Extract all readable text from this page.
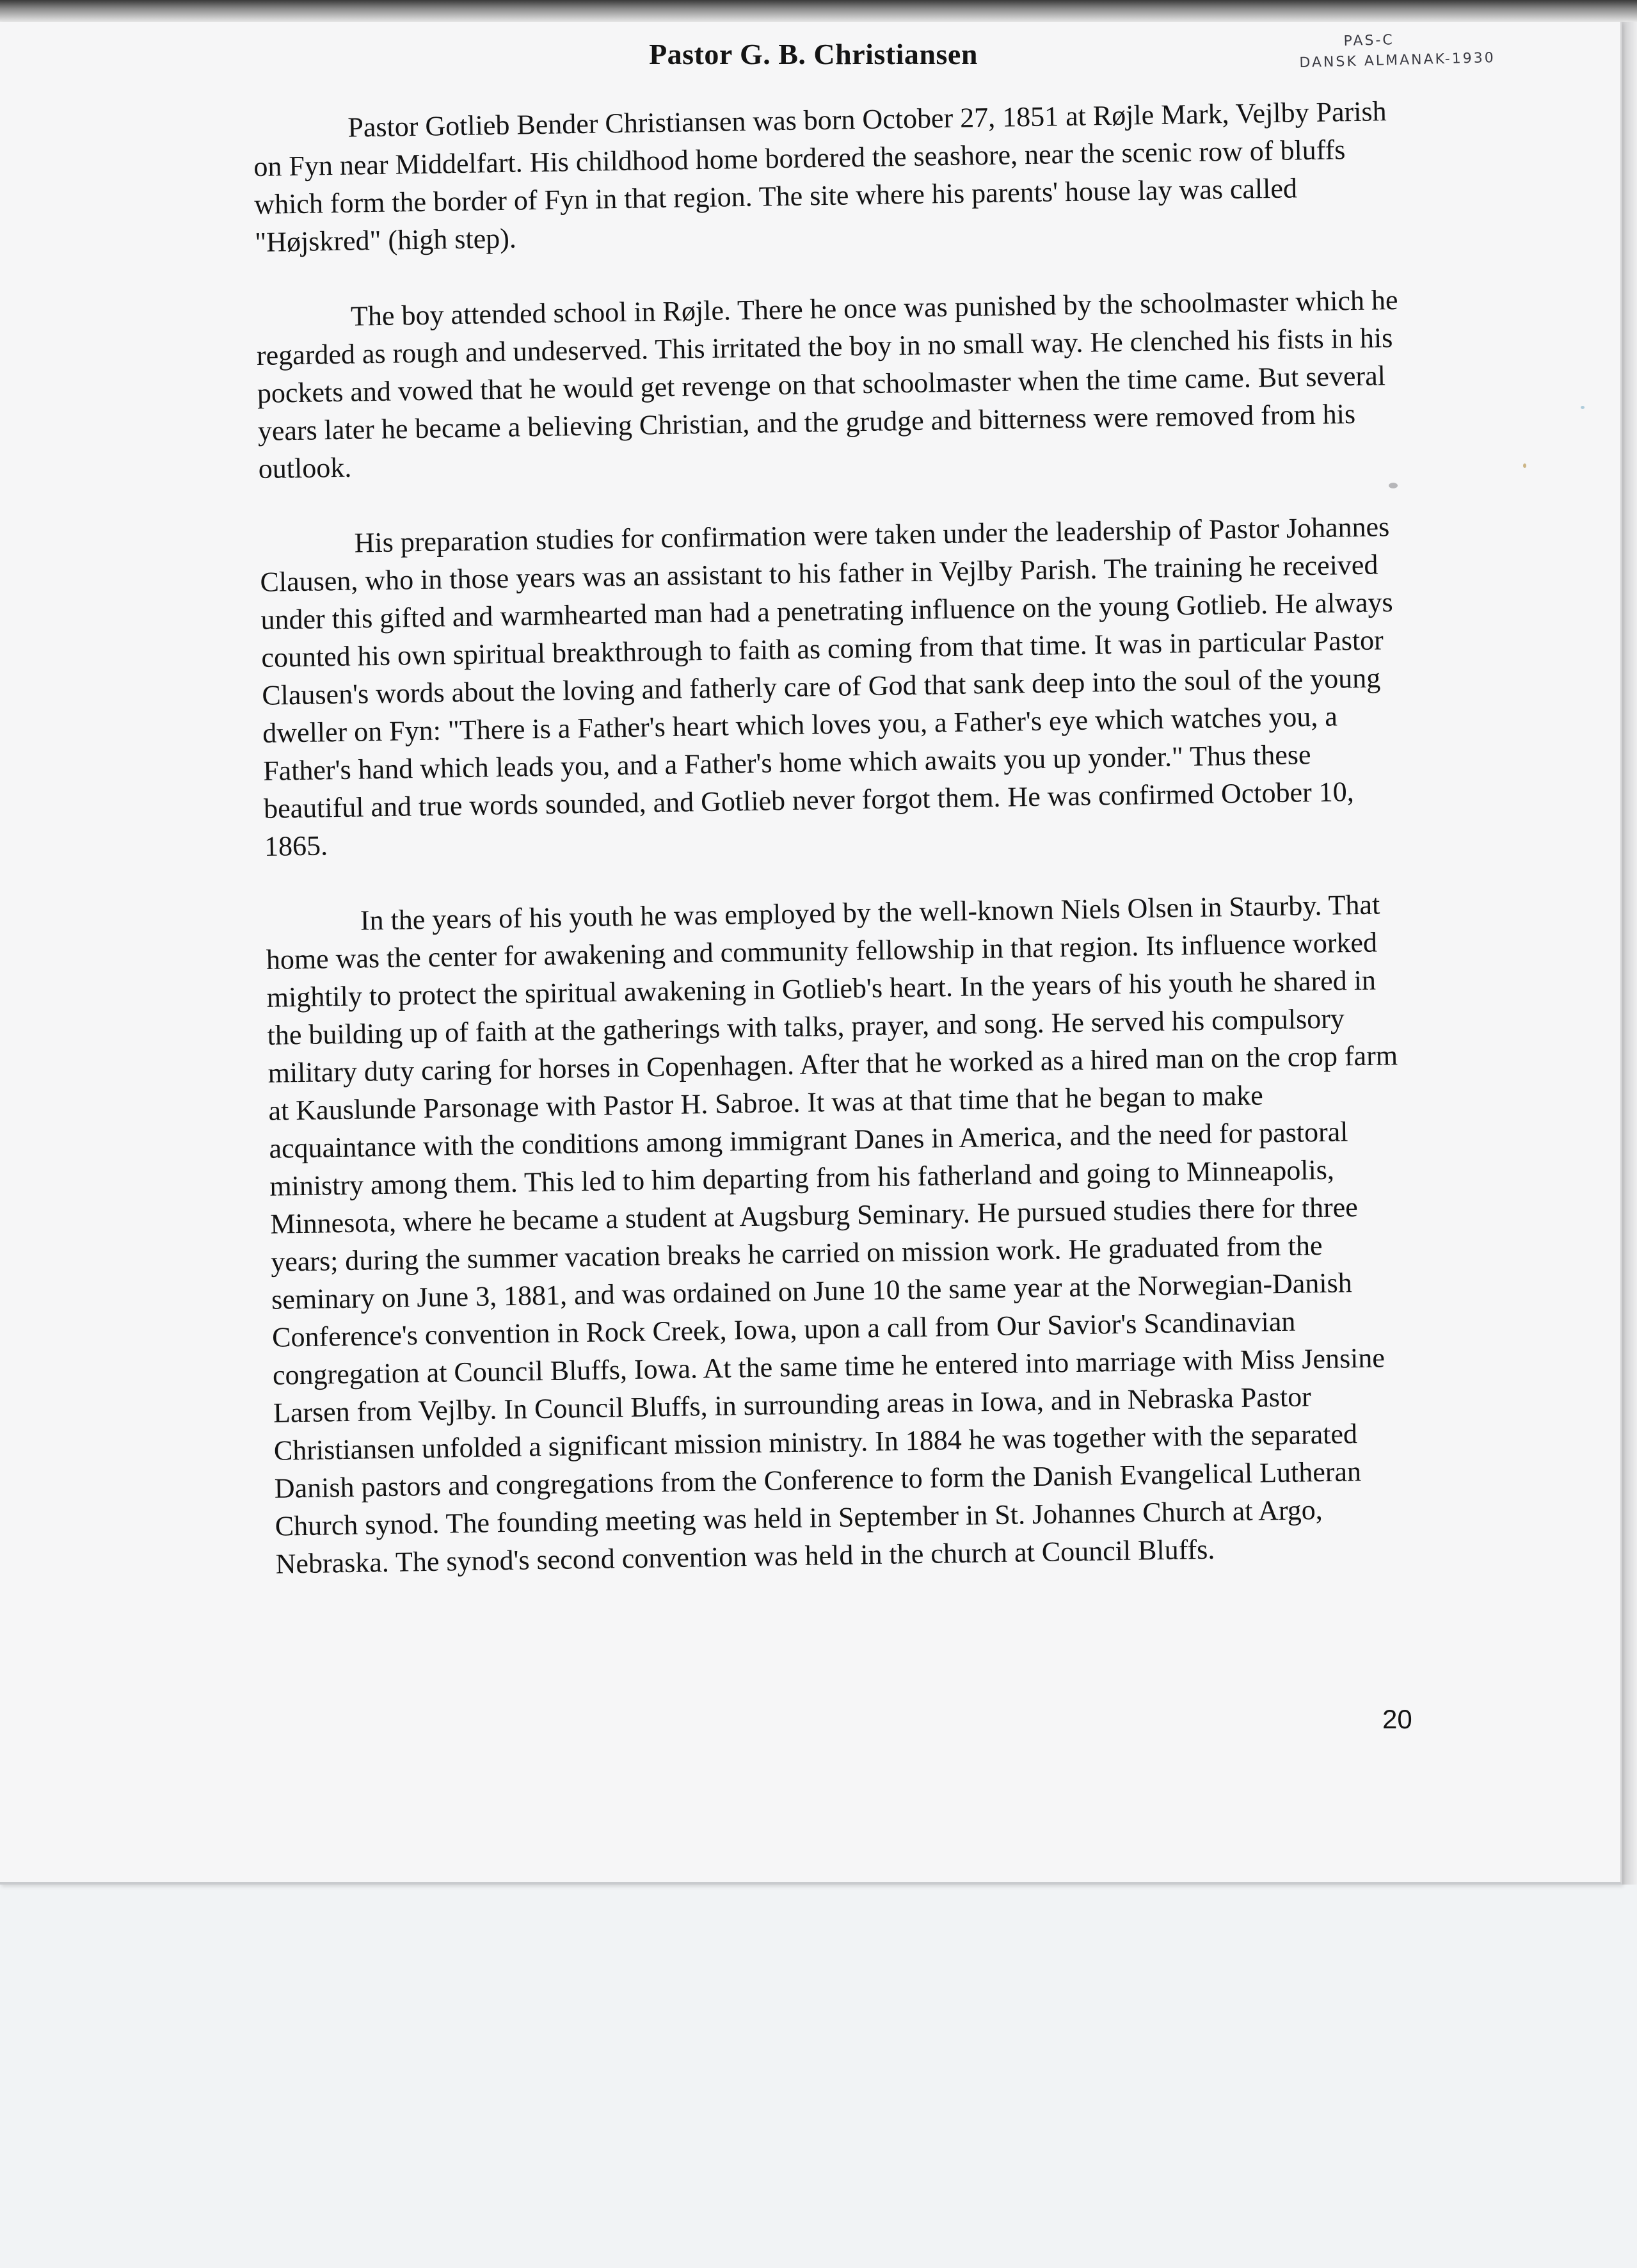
PAS-C
DANSK ALMANAK-1930
Pastor G. B. Christiansen

Pastor Gotlieb Bender Christiansen was born October 27, 1851 at Røjle Mark, Vejlby Parish on Fyn near Middelfart. His childhood home bordered the seashore, near the scenic row of bluffs which form the border of Fyn in that region. The site where his parents' house lay was called "Højskred" (high step).

The boy attended school in Røjle. There he once was punished by the schoolmaster which he regarded as rough and undeserved. This irritated the boy in no small way. He clenched his fists in his pockets and vowed that he would get revenge on that schoolmaster when the time came. But several years later he became a believing Christian, and the grudge and bitterness were removed from his outlook.

His preparation studies for confirmation were taken under the leadership of Pastor Johannes Clausen, who in those years was an assistant to his father in Vejlby Parish. The training he received under this gifted and warmhearted man had a penetrating influence on the young Gotlieb. He always counted his own spiritual breakthrough to faith as coming from that time. It was in particular Pastor Clausen's words about the loving and fatherly care of God that sank deep into the soul of the young dweller on Fyn: "There is a Father's heart which loves you, a Father's eye which watches you, a Father's hand which leads you, and a Father's home which awaits you up yonder." Thus these beautiful and true words sounded, and Gotlieb never forgot them. He was confirmed October 10, 1865.

In the years of his youth he was employed by the well-known Niels Olsen in Staurby. That home was the center for awakening and community fellowship in that region. Its influence worked mightily to protect the spiritual awakening in Gotlieb's heart. In the years of his youth he shared in the building up of faith at the gatherings with talks, prayer, and song. He served his compulsory military duty caring for horses in Copenhagen. After that he worked as a hired man on the crop farm at Kauslunde Parsonage with Pastor H. Sabroe. It was at that time that he began to make acquaintance with the conditions among immigrant Danes in America, and the need for pastoral ministry among them. This led to him departing from his fatherland and going to Minneapolis, Minnesota, where he became a student at Augsburg Seminary. He pursued studies there for three years; during the summer vacation breaks he carried on mission work. He graduated from the seminary on June 3, 1881, and was ordained on June 10 the same year at the Norwegian-Danish Conference's convention in Rock Creek, Iowa, upon a call from Our Savior's Scandinavian congregation at Council Bluffs, Iowa. At the same time he entered into marriage with Miss Jensine Larsen from Vejlby. In Council Bluffs, in surrounding areas in Iowa, and in Nebraska Pastor Christiansen unfolded a significant mission ministry. In 1884 he was together with the separated Danish pastors and congregations from the Conference to form the Danish Evangelical Lutheran Church synod. The founding meeting was held in September in St. Johannes Church at Argo, Nebraska. The synod's second convention was held in the church at Council Bluffs.

20
